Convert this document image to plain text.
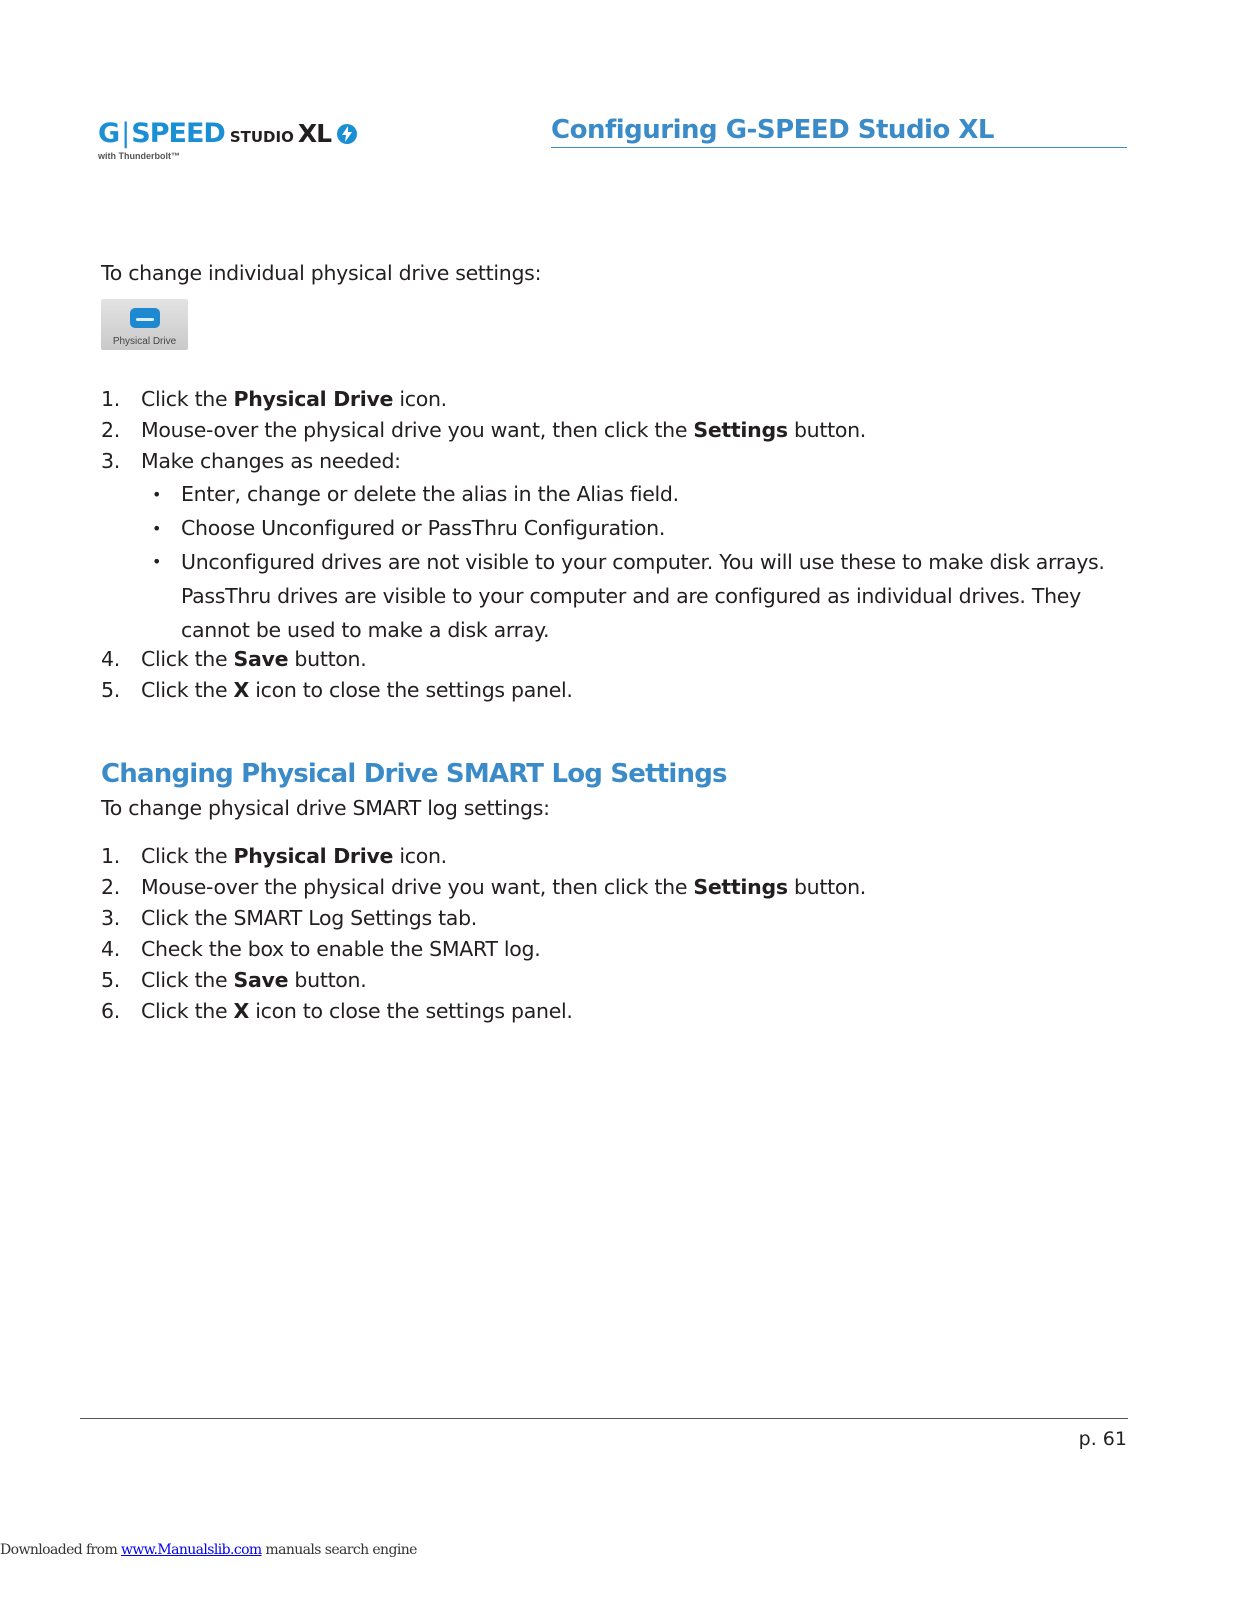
G|SPEED STUDIO XL
with Thunderbolt™
Configuring G-SPEED Studio XL
To change individual physical drive settings:
Physical Drive
1. Click the Physical Drive icon.
2. Mouse-over the physical drive you want, then click the Settings button.
3. Make changes as needed:
• Enter, change or delete the alias in the Alias field.
• Choose Unconfigured or PassThru Configuration.
• Unconfigured drives are not visible to your computer. You will use these to make disk arrays. PassThru drives are visible to your computer and are configured as individual drives. They cannot be used to make a disk array.
4. Click the Save button.
5. Click the X icon to close the settings panel.
Changing Physical Drive SMART Log Settings
To change physical drive SMART log settings:
1. Click the Physical Drive icon.
2. Mouse-over the physical drive you want, then click the Settings button.
3. Click the SMART Log Settings tab.
4. Check the box to enable the SMART log.
5. Click the Save button.
6. Click the X icon to close the settings panel.
p. 61
Downloaded from www.Manualslib.com manuals search engine
